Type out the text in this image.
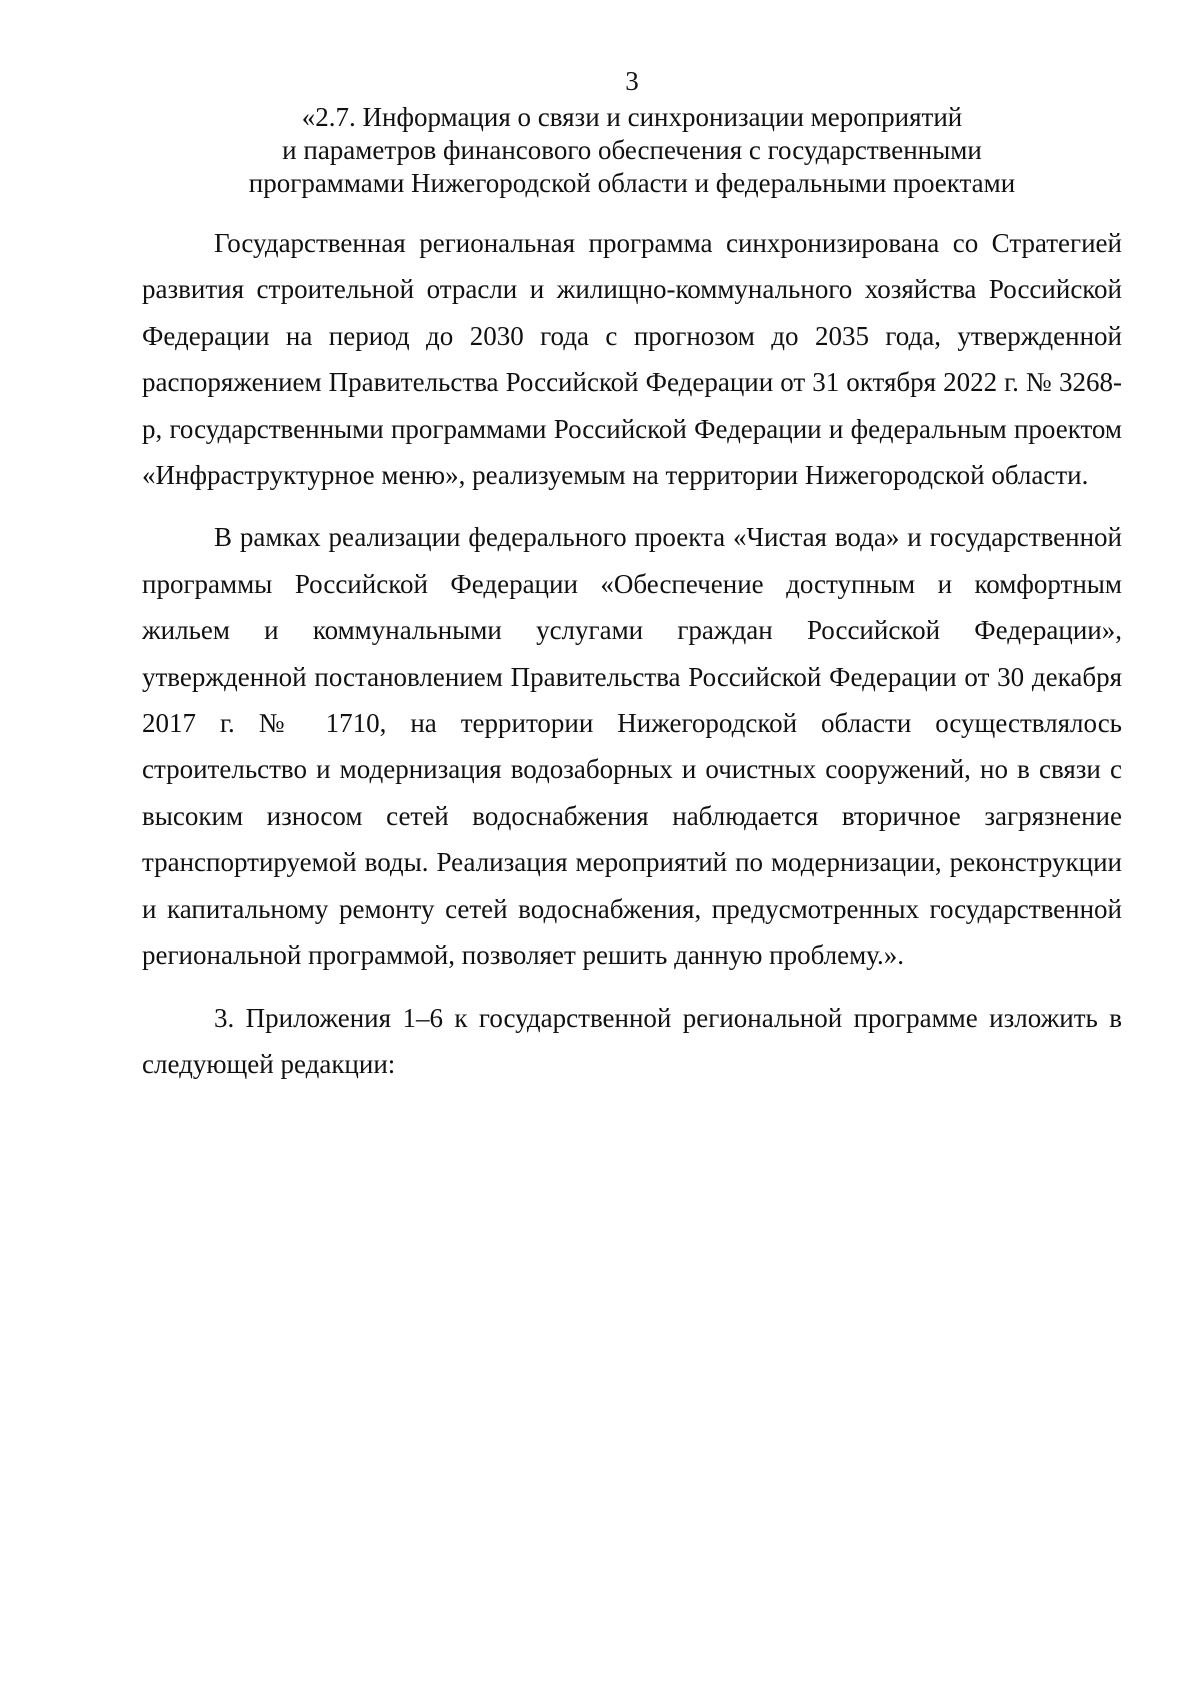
3
«2.7. Информация о связи и синхронизации мероприятий
и параметров финансового обеспечения с государственными
программами Нижегородской области и федеральными проектами

Государственная региональная программа синхронизирована со Стратегией развития строительной отрасли и жилищно-коммунального хозяйства Российской Федерации на период до 2030 года с прогнозом до 2035 года, утвержденной распоряжением Правительства Российской Федерации от 31 октября 2022 г. № 3268-р, государственными программами Российской Федерации и федеральным проектом «Инфраструктурное меню», реализуемым на территории Нижегородской области.

В рамках реализации федерального проекта «Чистая вода» и государственной программы Российской Федерации «Обеспечение доступным и комфортным жильем и коммунальными услугами граждан Российской Федерации», утвержденной постановлением Правительства Российской Федерации от 30 декабря 2017 г. № 1710, на территории Нижегородской области осуществлялось строительство и модернизация водозаборных и очистных сооружений, но в связи с высоким износом сетей водоснабжения наблюдается вторичное загрязнение транспортируемой воды. Реализация мероприятий по модернизации, реконструкции и капитальному ремонту сетей водоснабжения, предусмотренных государственной региональной программой, позволяет решить данную проблему.».

3. Приложения 1–6 к государственной региональной программе изложить в следующей редакции:
